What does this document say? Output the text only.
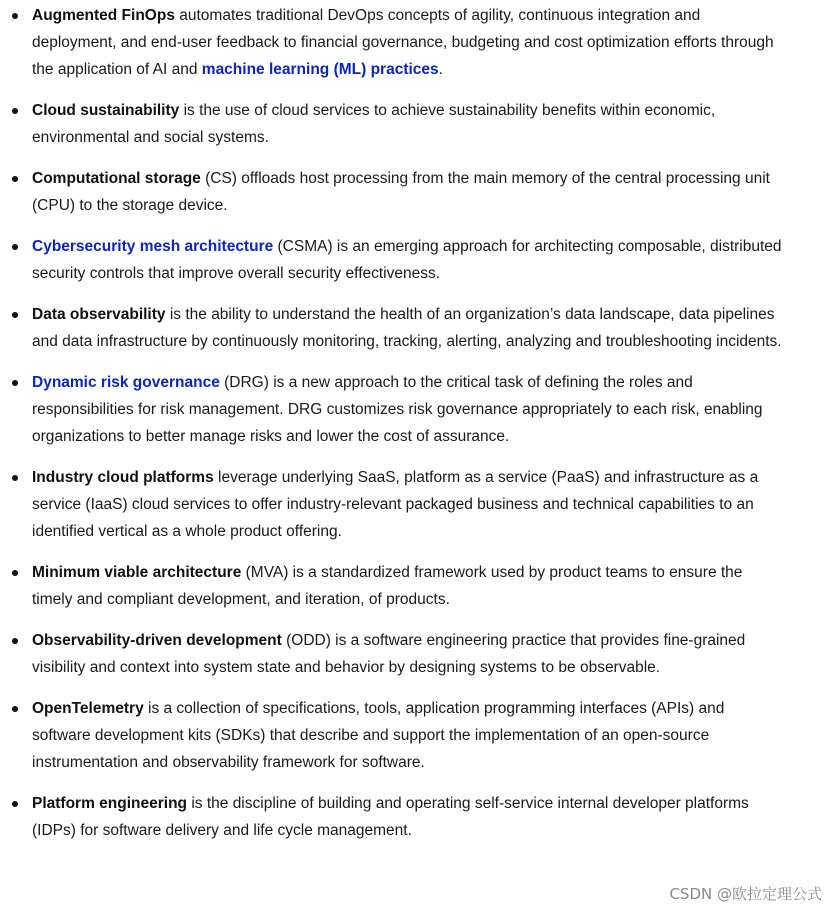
Augmented FinOps automates traditional DevOps concepts of agility, continuous integration and deployment, and end-user feedback to financial governance, budgeting and cost optimization efforts through the application of AI and machine learning (ML) practices.
Cloud sustainability is the use of cloud services to achieve sustainability benefits within economic, environmental and social systems.
Computational storage (CS) offloads host processing from the main memory of the central processing unit (CPU) to the storage device.
Cybersecurity mesh architecture (CSMA) is an emerging approach for architecting composable, distributed security controls that improve overall security effectiveness.
Data observability is the ability to understand the health of an organization’s data landscape, data pipelines and data infrastructure by continuously monitoring, tracking, alerting, analyzing and troubleshooting incidents.
Dynamic risk governance (DRG) is a new approach to the critical task of defining the roles and responsibilities for risk management. DRG customizes risk governance appropriately to each risk, enabling organizations to better manage risks and lower the cost of assurance.
Industry cloud platforms leverage underlying SaaS, platform as a service (PaaS) and infrastructure as a service (IaaS) cloud services to offer industry-relevant packaged business and technical capabilities to an identified vertical as a whole product offering.
Minimum viable architecture (MVA) is a standardized framework used by product teams to ensure the timely and compliant development, and iteration, of products.
Observability-driven development (ODD) is a software engineering practice that provides fine-grained visibility and context into system state and behavior by designing systems to be observable.
OpenTelemetry is a collection of specifications, tools, application programming interfaces (APIs) and software development kits (SDKs) that describe and support the implementation of an open-source instrumentation and observability framework for software.
Platform engineering is the discipline of building and operating self-service internal developer platforms (IDPs) for software delivery and life cycle management.
CSDN @欧拉定理公式
